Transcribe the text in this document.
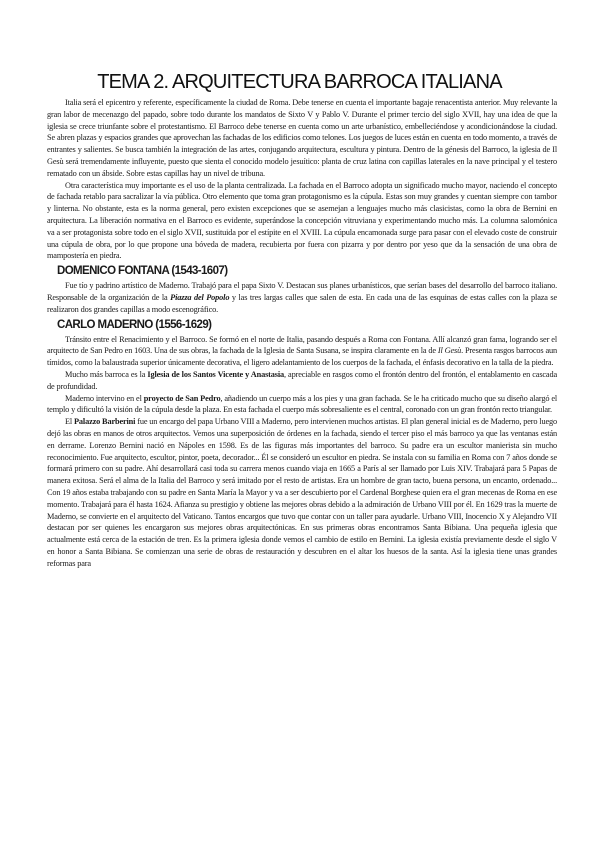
TEMA 2. ARQUITECTURA BARROCA ITALIANA

Italia será el epicentro y referente, específicamente la ciudad de Roma. Debe tenerse en cuenta el importante bagaje renacentista anterior. Muy relevante la gran labor de mecenazgo del papado, sobre todo durante los mandatos de Sixto V y Pablo V. Durante el primer tercio del siglo XVII, hay una idea de que la iglesia se crece triunfante sobre el protestantismo. El Barroco debe tenerse en cuenta como un arte urbanístico, embelleciéndose y acondicionándose la ciudad. Se abren plazas y espacios grandes que aprovechan las fachadas de los edificios como telones. Los juegos de luces están en cuenta en todo momento, a través de entrantes y salientes. Se busca también la integración de las artes, conjugando arquitectura, escultura y pintura. Dentro de la génesis del Barroco, la iglesia de Il Gesù será tremendamente influyente, puesto que sienta el conocido modelo jesuítico: planta de cruz latina con capillas laterales en la nave principal y el testero rematado con un ábside. Sobre estas capillas hay un nivel de tribuna.

Otra característica muy importante es el uso de la planta centralizada. La fachada en el Barroco adopta un significado mucho mayor, naciendo el concepto de fachada retablo para sacralizar la vía pública. Otro elemento que toma gran protagonismo es la cúpula. Estas son muy grandes y cuentan siempre con tambor y linterna. No obstante, esta es la norma general, pero existen excepciones que se asemejan a lenguajes mucho más clasicistas, como la obra de Bernini en arquitectura. La liberación normativa en el Barroco es evidente, superándose la concepción vitruviana y experimentando mucho más. La columna salomónica va a ser protagonista sobre todo en el siglo XVII, sustituida por el estípite en el XVIII. La cúpula encamonada surge para pasar con el elevado coste de construir una cúpula de obra, por lo que propone una bóveda de madera, recubierta por fuera con pizarra y por dentro por yeso que da la sensación de una obra de mampostería en piedra.

DOMENICO FONTANA (1543-1607)

Fue tío y padrino artístico de Maderno. Trabajó para el papa Sixto V. Destacan sus planes urbanísticos, que serían bases del desarrollo del barroco italiano. Responsable de la organización de la Piazza del Popolo y las tres largas calles que salen de esta. En cada una de las esquinas de estas calles con la plaza se realizaron dos grandes capillas a modo escenográfico.

CARLO MADERNO (1556-1629)

Tránsito entre el Renacimiento y el Barroco. Se formó en el norte de Italia, pasando después a Roma con Fontana. Allí alcanzó gran fama, logrando ser el arquitecto de San Pedro en 1603. Una de sus obras, la fachada de la Iglesia de Santa Susana, se inspira claramente en la de Il Gesù. Presenta rasgos barrocos aun tímidos, como la balaustrada superior únicamente decorativa, el ligero adelantamiento de los cuerpos de la fachada, el énfasis decorativo en la talla de la piedra.

Mucho más barroca es la Iglesia de los Santos Vicente y Anastasia, apreciable en rasgos como el frontón dentro del frontón, el entablamento en cascada de profundidad.

Maderno intervino en el proyecto de San Pedro, añadiendo un cuerpo más a los pies y una gran fachada. Se le ha criticado mucho que su diseño alargó el templo y dificultó la visión de la cúpula desde la plaza. En esta fachada el cuerpo más sobresaliente es el central, coronado con un gran frontón recto triangular.

El Palazzo Barberini fue un encargo del papa Urbano VIII a Maderno, pero intervienen muchos artistas. El plan general inicial es de Maderno, pero luego dejó las obras en manos de otros arquitectos. Vemos una superposición de órdenes en la fachada, siendo el tercer piso el más barroco ya que las ventanas están en derrame. Lorenzo Bernini nació en Nápoles en 1598. Es de las figuras más importantes del barroco. Su padre era un escultor manierista sin mucho reconocimiento. Fue arquitecto, escultor, pintor, poeta, decorador... Él se consideró un escultor en piedra. Se instala con su familia en Roma con 7 años donde se formará primero con su padre. Ahí desarrollará casi toda su carrera menos cuando viaja en 1665 a París al ser llamado por Luis XIV. Trabajará para 5 Papas de manera exitosa. Será el alma de la Italia del Barroco y será imitado por el resto de artistas. Era un hombre de gran tacto, buena persona, un encanto, ordenado... Con 19 años estaba trabajando con su padre en Santa María la Mayor y va a ser descubierto por el Cardenal Borghese quien era el gran mecenas de Roma en ese momento. Trabajará para él hasta 1624. Afianza su prestigio y obtiene las mejores obras debido a la admiración de Urbano VIII por él. En 1629 tras la muerte de Maderno, se convierte en el arquitecto del Vaticano. Tantos encargos que tuvo que contar con un taller para ayudarle. Urbano VIII, Inocencio X y Alejandro VII destacan por ser quienes les encargaron sus mejores obras arquitectónicas. En sus primeras obras encontramos Santa Bibiana. Una pequeña iglesia que actualmente está cerca de la estación de tren. Es la primera iglesia donde vemos el cambio de estilo en Bernini. La iglesia existía previamente desde el siglo V en honor a Santa Bibiana. Se comienzan una serie de obras de restauración y descubren en el altar los huesos de la santa. Así la iglesia tiene unas grandes reformas para
